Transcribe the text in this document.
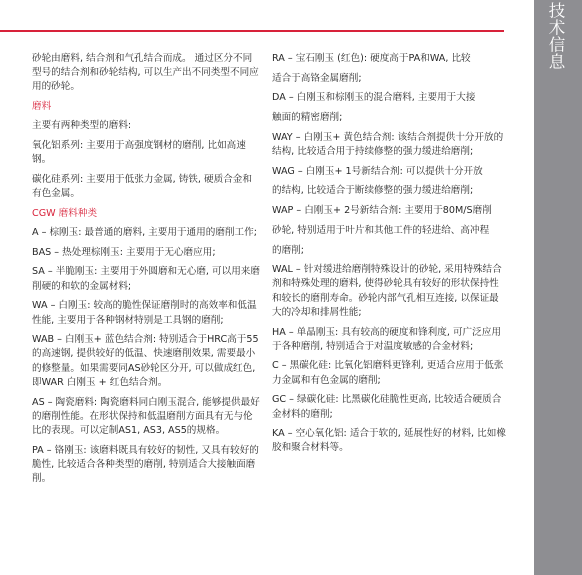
技术信息

砂轮由磨料, 结合剂和气孔结合而成。 通过区分不同型号的结合剂和砂轮结构, 可以生产出不同类型不同应用的砂轮。

磨料

主要有两种类型的磨料:

氧化铝系列: 主要用于高强度钢材的磨削, 比如高速钢。

碳化硅系列: 主要用于低张力金属, 铸铁, 硬质合金和有色金属。

CGW 磨料种类

A – 棕刚玉: 最普通的磨料, 主要用于通用的磨削工作;

BAS – 热处理棕刚玉: 主要用于无心磨应用;

SA – 半脆刚玉: 主要用于外圆磨和无心磨, 可以用来磨削硬的和软的金属材料;

WA – 白刚玉: 较高的脆性保证磨削时的高效率和低温性能, 主要用于各种钢材特别是工具钢的磨削;

WAB – 白刚玉+ 蓝色结合剂: 特别适合于HRC高于55的高速钢, 提供较好的低温、快速磨削效果, 需要最小的修整量。如果需要同AS砂轮区分开, 可以做成红色, 即WAR 白刚玉 + 红色结合剂。

AS – 陶瓷磨料: 陶瓷磨料同白刚玉混合, 能够提供最好的磨削性能。在形状保持和低温磨削方面具有无与伦比的表现。可以定制AS1, AS3, AS5的规格。

PA – 铬刚玉: 该磨料既具有较好的韧性, 又具有较好的脆性, 比较适合各种类型的磨削, 特别适合大接触面磨削。

RA – 宝石刚玉 (红色): 硬度高于PA和WA, 比较

适合于高铬金属磨削;

DA – 白刚玉和棕刚玉的混合磨料, 主要用于大接

触面的精密磨削;

WAY – 白刚玉+ 黄色结合剂: 该结合剂提供十分开放的结构, 比较适合用于持续修整的强力缓进给磨削;

WAG – 白刚玉+ 1号新结合剂: 可以提供十分开放

的结构, 比较适合于断续修整的强力缓进给磨削;

WAP – 白刚玉+ 2号新结合剂: 主要用于80M/S磨削

砂轮, 特别适用于叶片和其他工件的轻进给、高冲程

的磨削;

WAL – 针对缓进给磨削特殊设计的砂轮, 采用特殊结合剂和特殊处理的磨料, 使得砂轮具有较好的形状保持性和较长的磨削寿命。砂轮内部气孔相互连接, 以保证最大的冷却和排屑性能;

HA – 单晶刚玉: 具有较高的硬度和锋利度, 可广泛应用于各种磨削, 特别适合于对温度敏感的合金材料;

C – 黑碳化硅: 比氧化铝磨料更锋利, 更适合应用于低张力金属和有色金属的磨削;

GC – 绿碳化硅: 比黑碳化硅脆性更高, 比较适合硬质合金材料的磨削;

KA – 空心氧化铝: 适合于软的, 延展性好的材料, 比如橡胶和聚合材料等。
